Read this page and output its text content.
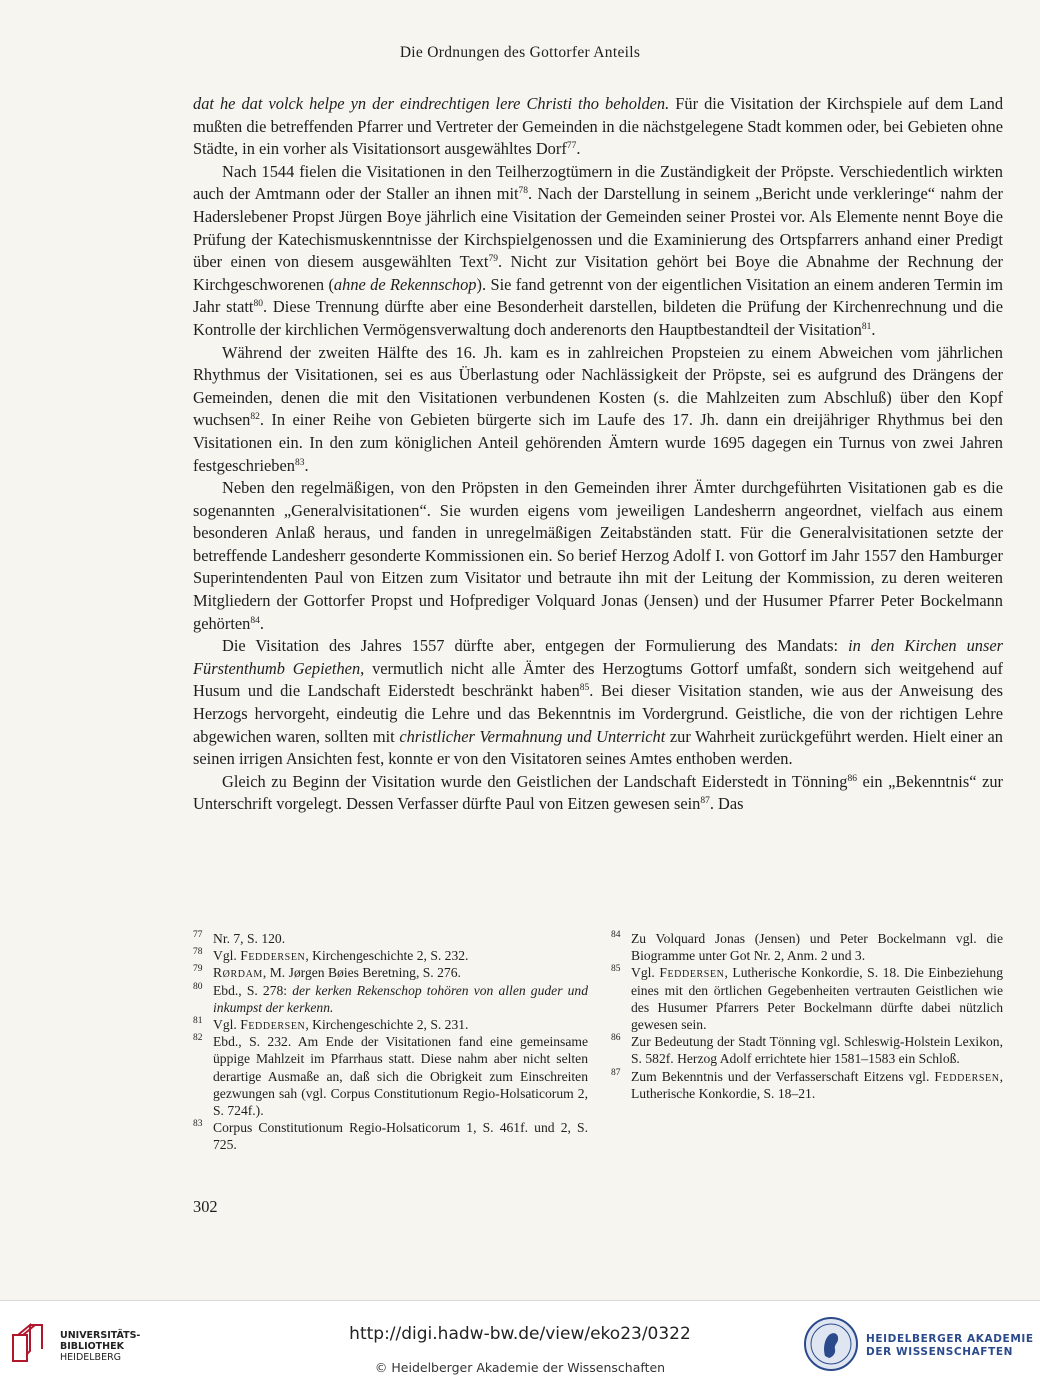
Die Ordnungen des Gottorfer Anteils

dat he dat volck helpe yn der eindrechtigen lere Christi tho beholden. Für die Visitation der Kirchspiele auf dem Land mußten die betreffenden Pfarrer und Vertreter der Gemeinden in die nächstgelegene Stadt kommen oder, bei Gebieten ohne Städte, in ein vorher als Visitationsort ausgewähltes Dorf$^{77}$.

Nach 1544 fielen die Visitationen in den Teilherzogtümern in die Zuständigkeit der Pröpste. Verschiedentlich wirkten auch der Amtmann oder der Staller an ihnen mit$^{78}$. Nach der Darstellung in seinem „Bericht unde verkleringe“ nahm der Haderslebener Propst Jürgen Boye jährlich eine Visitation der Gemeinden seiner Prostei vor. Als Elemente nennt Boye die Prüfung der Katechismuskenntnisse der Kirchspielgenossen und die Examinierung des Ortspfarrers anhand einer Predigt über einen von diesem ausgewählten Text$^{79}$. Nicht zur Visitation gehört bei Boye die Abnahme der Rechnung der Kirchgeschworenen (ahne de Rekennschop). Sie fand getrennt von der eigentlichen Visitation an einem anderen Termin im Jahr statt$^{80}$. Diese Trennung dürfte aber eine Besonderheit darstellen, bildeten die Prüfung der Kirchenrechnung und die Kontrolle der kirchlichen Vermögensverwaltung doch anderenorts den Hauptbestandteil der Visitation$^{81}$.

Während der zweiten Hälfte des 16. Jh. kam es in zahlreichen Propsteien zu einem Abweichen vom jährlichen Rhythmus der Visitationen, sei es aus Überlastung oder Nachlässigkeit der Pröpste, sei es aufgrund des Drängens der Gemeinden, denen die mit den Visitationen verbundenen Kosten (s. die Mahlzeiten zum Abschluß) über den Kopf wuchsen$^{82}$. In einer Reihe von Gebieten bürgerte sich im Laufe des 17. Jh. dann ein dreijähriger Rhythmus bei den Visitationen ein. In den zum königlichen Anteil gehörenden Ämtern wurde 1695 dagegen ein Turnus von zwei Jahren festgeschrieben$^{83}$.

Neben den regelmäßigen, von den Pröpsten in den Gemeinden ihrer Ämter durchgeführten Visitationen gab es die sogenannten „Generalvisitationen“. Sie wurden eigens vom jeweiligen Landesherrn angeordnet, vielfach aus einem besonderen Anlaß heraus, und fanden in unregelmäßigen Zeitabständen statt. Für die Generalvisitationen setzte der betreffende Landesherr gesonderte Kommissionen ein. So berief Herzog Adolf I. von Gottorf im Jahr 1557 den Hamburger Superintendenten Paul von Eitzen zum Visitator und betraute ihn mit der Leitung der Kommission, zu deren weiteren Mitgliedern der Gottorfer Propst und Hofprediger Volquard Jonas (Jensen) und der Husumer Pfarrer Peter Bockelmann gehörten$^{84}$.

Die Visitation des Jahres 1557 dürfte aber, entgegen der Formulierung des Mandats: in den Kirchen unser Fürstenthumb Gepiethen, vermutlich nicht alle Ämter des Herzogtums Gottorf umfaßt, sondern sich weitgehend auf Husum und die Landschaft Eiderstedt beschränkt haben$^{85}$. Bei dieser Visitation standen, wie aus der Anweisung des Herzogs hervorgeht, eindeutig die Lehre und das Bekenntnis im Vordergrund. Geistliche, die von der richtigen Lehre abgewichen waren, sollten mit christlicher Vermahnung und Unterricht zur Wahrheit zurückgeführt werden. Hielt einer an seinen irrigen Ansichten fest, konnte er von den Visitatoren seines Amtes enthoben werden.

Gleich zu Beginn der Visitation wurde den Geistlichen der Landschaft Eiderstedt in Tönning$^{86}$ ein „Bekenntnis“ zur Unterschrift vorgelegt. Dessen Verfasser dürfte Paul von Eitzen gewesen sein$^{87}$. Das

77 Nr. 7, S. 120.
78 Vgl. Feddersen, Kirchengeschichte 2, S. 232.
79 Rørdam, M. Jørgen Bøies Beretning, S. 276.
80 Ebd., S. 278: der kerken Rekenschop tohören von allen guder und inkumpst der kerkenn.
81 Vgl. Feddersen, Kirchengeschichte 2, S. 231.
82 Ebd., S. 232. Am Ende der Visitationen fand eine gemeinsame üppige Mahlzeit im Pfarrhaus statt. Diese nahm aber nicht selten derartige Ausmaße an, daß sich die Obrigkeit zum Einschreiten gezwungen sah (vgl. Corpus Constitutionum Regio-Holsaticorum 2, S. 724f.).
83 Corpus Constitutionum Regio-Holsaticorum 1, S. 461f. und 2, S. 725.
84 Zu Volquard Jonas (Jensen) und Peter Bockelmann vgl. die Biogramme unter Got Nr. 2, Anm. 2 und 3.
85 Vgl. Feddersen, Lutherische Konkordie, S. 18. Die Einbeziehung eines mit den örtlichen Gegebenheiten vertrauten Geistlichen wie des Husumer Pfarrers Peter Bockelmann dürfte dabei nützlich gewesen sein.
86 Zur Bedeutung der Stadt Tönning vgl. Schleswig-Holstein Lexikon, S. 582f. Herzog Adolf errichtete hier 1581–1583 ein Schloß.
87 Zum Bekenntnis und der Verfasserschaft Eitzens vgl. Feddersen, Lutherische Konkordie, S. 18–21.
302
UNIVERSITÄTS-
BIBLIOTHEK
HEIDELBERG
http://digi.hadw-bw.de/view/eko23/0322
© Heidelberger Akademie der Wissenschaften
HEIDELBERGER AKADEMIE
DER WISSENSCHAFTEN
